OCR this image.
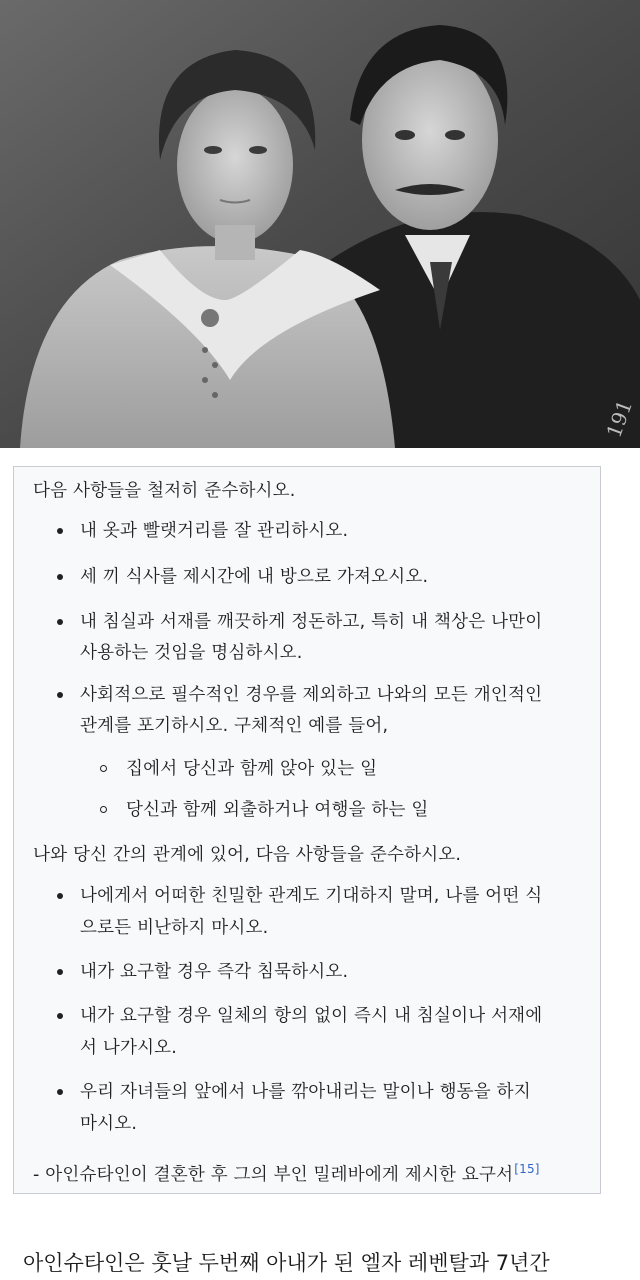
191
다음 사항들을 철저히 준수하시오.
내 옷과 빨랫거리를 잘 관리하시오.
세 끼 식사를 제시간에 내 방으로 가져오시오.
내 침실과 서재를 깨끗하게 정돈하고, 특히 내 책상은 나만이
사용하는 것임을 명심하시오.
사회적으로 필수적인 경우를 제외하고 나와의 모든 개인적인
관계를 포기하시오. 구체적인 예를 들어,
집에서 당신과 함께 앉아 있는 일
당신과 함께 외출하거나 여행을 하는 일
나와 당신 간의 관계에 있어, 다음 사항들을 준수하시오.
나에게서 어떠한 친밀한 관계도 기대하지 말며, 나를 어떤 식
으로든 비난하지 마시오.
내가 요구할 경우 즉각 침묵하시오.
내가 요구할 경우 일체의 항의 없이 즉시 내 침실이나 서재에
서 나가시오.
우리 자녀들의 앞에서 나를 깎아내리는 말이나 행동을 하지
마시오.
- 아인슈타인이 결혼한 후 그의 부인 밀레바에게 제시한 요구서[15]
아인슈타인은 훗날 두번째 아내가 된 엘자 레벤탈과 7년간
